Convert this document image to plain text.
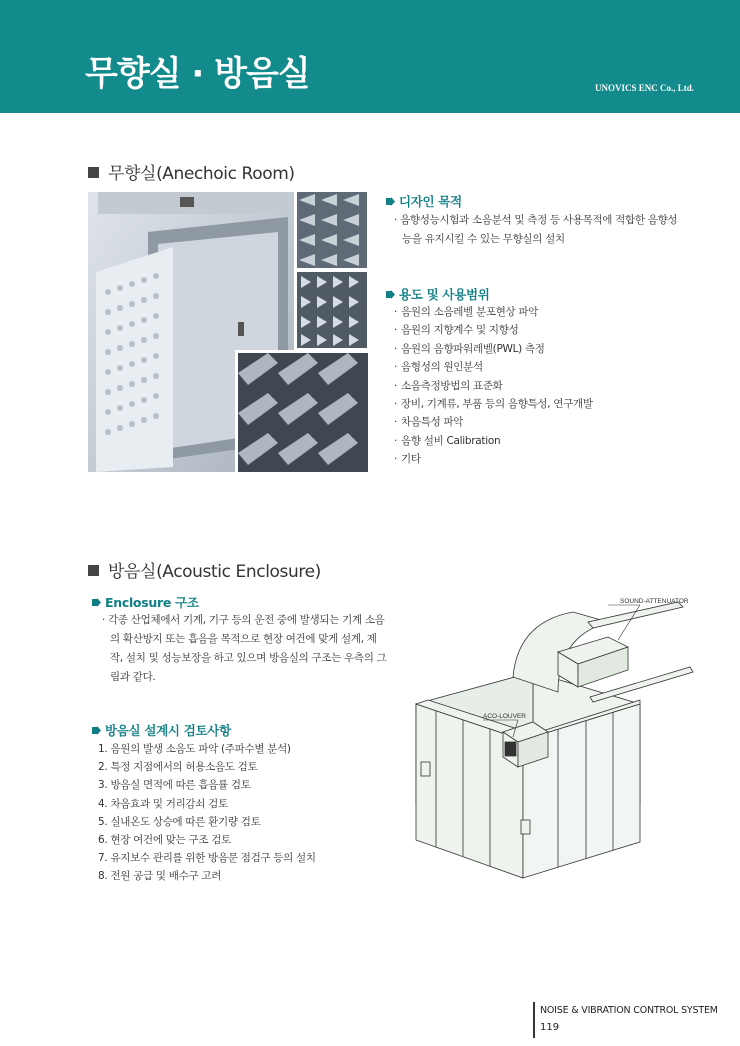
무향실 · 방음실	UNOVICS ENC Co., Ltd.
무향실(Anechoic Room)
디자인 목적
· 음향성능시험과 소음분석 및 측정 등 사용목적에 적합한 음향성
능을 유지시킬 수 있는 무향실의 설치
용도 및 사용범위
· 음원의 소음레벨 분포현상 파악
· 음원의 지향계수 및 지향성
· 음원의 음향파워레벨(PWL) 측정
· 음형성의 원인분석
· 소음측정방법의 표준화
· 장비, 기계류, 부품 등의 음향특성, 연구개발
· 차음특성 파악
· 음향 설비 Calibration
· 기타
방음실(Acoustic Enclosure)
Enclosure 구조
· 각종 산업체에서 기계, 기구 등의 운전 중에 발생되는 기계 소음
의 확산방지 또는 흡음을 목적으로 현장 여건에 맞게 설계, 제
작, 설치 및 성능보장을 하고 있으며 방음실의 구조는 우측의 그
림과 같다.
방음실 설계시 검토사항
1. 음원의 발생 소음도 파악 (주파수별 분석)
2. 특정 지점에서의 허용소음도 검토
3. 방음실 면적에 따른 흡음률 검토
4. 차음효과 및 거리감쇠 검토
5. 실내온도 상승에 따른 환기량 검토
6. 현장 여건에 맞는 구조 검토
7. 유지보수 관리를 위한 방음문 점검구 등의 설치
8. 전원 공급 및 배수구 고려
SOUND-ATTENUATOR
ACO-LOUVER
NOISE & VIBRATION CONTROL SYSTEM
119
